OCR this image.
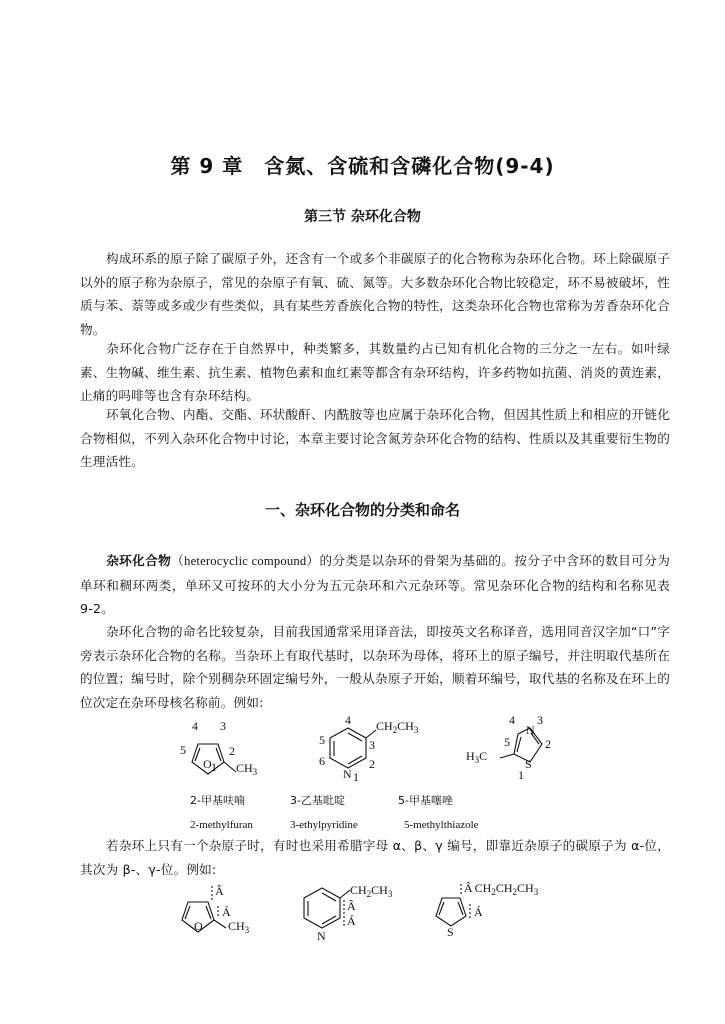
第 9 章　含氮、含硫和含磷化合物(9-4)
第三节 杂环化合物
构成环系的原子除了碳原子外，还含有一个或多个非碳原子的化合物称为杂环化合物。环上除碳原子以外的原子称为杂原子，常见的杂原子有氧、硫、氮等。大多数杂环化合物比较稳定，环不易被破坏，性质与苯、萘等或多或少有些类似，具有某些芳香族化合物的特性，这类杂环化合物也常称为芳香杂环化合物。
杂环化合物广泛存在于自然界中，种类繁多，其数量约占已知有机化合物的三分之一左右。如叶绿素、生物碱、维生素、抗生素、植物色素和血红素等都含有杂环结构，许多药物如抗菌、消炎的黄连素，止痛的吗啡等也含有杂环结构。
环氧化合物、内酯、交酯、环状酸酐、内酰胺等也应属于杂环化合物，但因其性质上和相应的开链化合物相似，不列入杂环化合物中讨论，本章主要讨论含氮芳杂环化合物的结构、性质以及其重要衍生物的生理活性。
一、杂环化合物的分类和命名
杂环化合物（heterocyclic compound）的分类是以杂环的骨架为基础的。按分子中含环的数目可分为单环和稠环两类，单环又可按环的大小分为五元杂环和六元杂环等。常见杂环化合物的结构和名称见表 9-2。
杂环化合物的命名比较复杂，目前我国通常采用译音法，即按英文名称译音，选用同音汉字加“口”字旁表示杂环化合物的名称。当杂环上有取代基时，以杂环为母体，将环上的原子编号，并注明取代基所在的位置；编号时，除个别稠杂环固定编号外，一般从杂原子开始，顺着环编号，取代基的名称及在环上的位次定在杂环母核名称前。例如:
4 3
5	2
O 1 $CH_3$
2-甲基呋喃
2-methylfuran
4
3
5
2
6
N 1
$CH_2CH_3$
3-乙基吡啶
3-ethylpyridine
4
N
3
5	2
S
1
$H_3C$
5-甲基噻唑
5-methylthiazole
若杂环上只有一个杂原子时，有时也采用希腊字母 α、β、γ 编号，即靠近杂原子的碳原子为 α-位，其次为 β-、γ-位。例如:
Â
Á
O $CH_3$
Â
Á
N
$CH_2CH_3$	Â $CH_2CH_2CH_3$
Á
S
